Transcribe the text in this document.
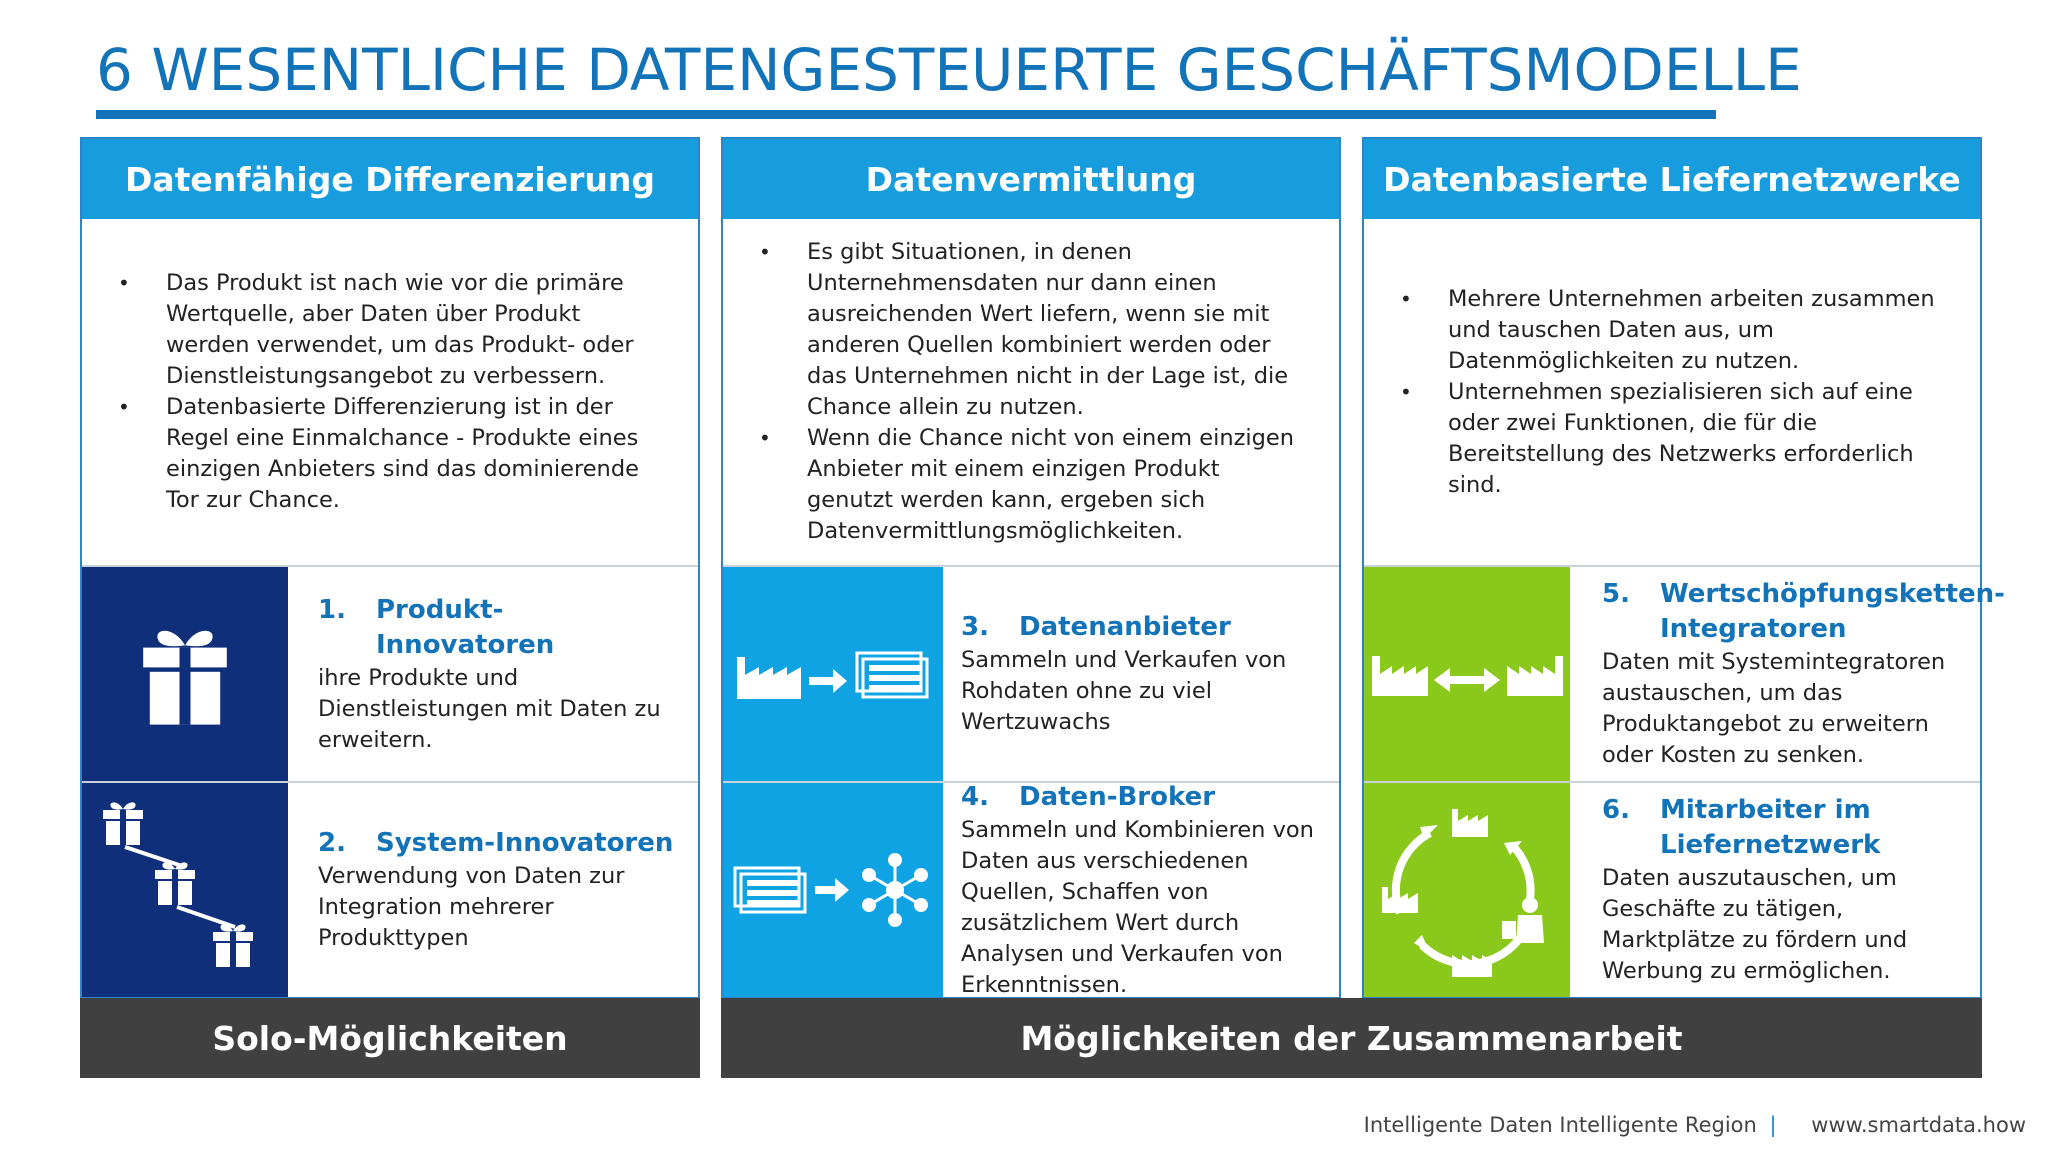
6 WESENTLICHE DATENGESTEUERTE GESCHÄFTSMODELLE
Datenfähige Differenzierung
• Das Produkt ist nach wie vor die primäre Wertquelle, aber Daten über Produkt werden verwendet, um das Produkt- oder Dienstleistungsangebot zu verbessern.
• Datenbasierte Differenzierung ist in der Regel eine Einmalchance - Produkte eines einzigen Anbieters sind das dominierende Tor zur Chance.
1.	Produkt-Innovatoren
ihre Produkte und Dienstleistungen mit Daten zu erweitern.
2.	System-Innovatoren
Verwendung von Daten zur Integration mehrerer Produkttypen
Datenvermittlung
• Es gibt Situationen, in denen Unternehmensdaten nur dann einen ausreichenden Wert liefern, wenn sie mit anderen Quellen kombiniert werden oder das Unternehmen nicht in der Lage ist, die Chance allein zu nutzen.
• Wenn die Chance nicht von einem einzigen Anbieter mit einem einzigen Produkt genutzt werden kann, ergeben sich Datenvermittlungsmöglichkeiten.
3.	Datenanbieter
Sammeln und Verkaufen von Rohdaten ohne zu viel Wertzuwachs
4.	Daten-Broker
Sammeln und Kombinieren von Daten aus verschiedenen Quellen, Schaffen von zusätzlichem Wert durch Analysen und Verkaufen von Erkenntnissen.
Datenbasierte Liefernetzwerke
• Mehrere Unternehmen arbeiten zusammen und tauschen Daten aus, um Datenmöglichkeiten zu nutzen.
• Unternehmen spezialisieren sich auf eine oder zwei Funktionen, die für die Bereitstellung des Netzwerks erforderlich sind.
5.	Wertschöpfungsketten-Integratoren
Daten mit Systemintegratoren austauschen, um das Produktangebot zu erweitern oder Kosten zu senken.
6.	Mitarbeiter im Liefernetzwerk
Daten auszutauschen, um Geschäfte zu tätigen, Marktplätze zu fördern und Werbung zu ermöglichen.
Solo-Möglichkeiten	Möglichkeiten der Zusammenarbeit
Intelligente Daten Intelligente Region | www.smartdata.how
